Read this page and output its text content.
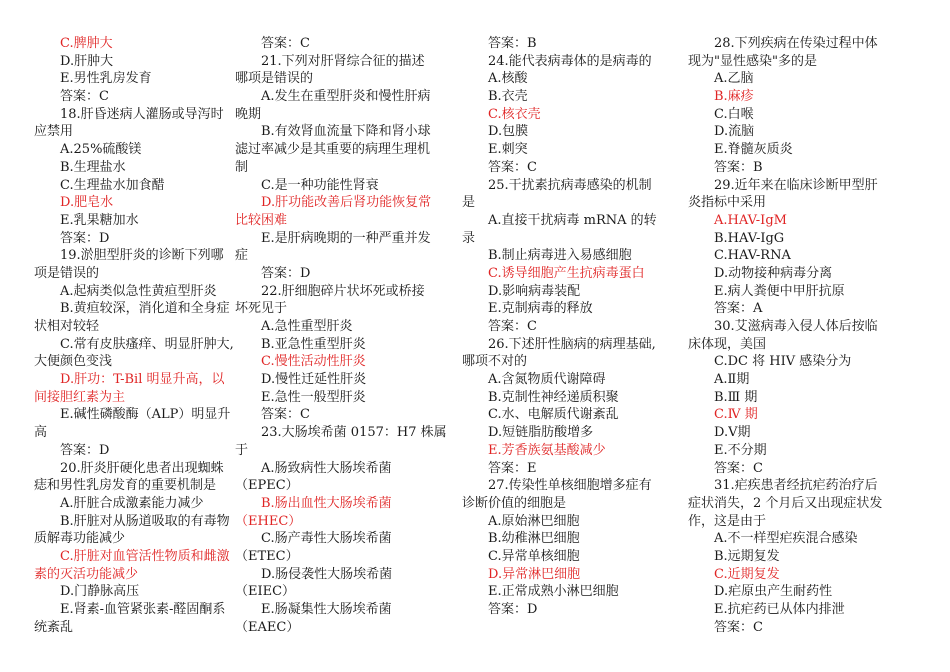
C.脾肿大
D.肝肿大
E.男性乳房发育
答案：C
18.肝昏迷病人灌肠或导泻时
应禁用
A.25%硫酸镁
B.生理盐水
C.生理盐水加食醋
D.肥皂水
E.乳果糖加水
答案：D
19.淤胆型肝炎的诊断下列哪
项是错误的
A.起病类似急性黄疸型肝炎
B.黄疸较深，消化道和全身症
状相对较轻
C.常有皮肤瘙痒、明显肝肿大,
大便颜色变浅
D.肝功：T-Bil 明显升高，以
间接胆红素为主
E.碱性磷酸酶（ALP）明显升
高
答案：D
20.肝炎肝硬化患者出现蜘蛛
痣和男性乳房发育的重要机制是
A.肝脏合成激素能力减少
B.肝脏对从肠道吸取的有毒物
质解毒功能减少
C.肝脏对血管活性物质和雌激
素的灭活功能减少
D.门静脉高压
E.肾素-血管紧张素-醛固酮系
统紊乱
答案：C
21.下列对肝肾综合征的描述
哪项是错误的
A.发生在重型肝炎和慢性肝病
晚期
B.有效肾血流量下降和肾小球
滤过率减少是其重要的病理生理机
制
C.是一种功能性肾衰
D.肝功能改善后肾功能恢复常
比较困难
E.是肝病晚期的一种严重并发
症
答案：D
22.肝细胞碎片状坏死或桥接
坏死见于
A.急性重型肝炎
B.亚急性重型肝炎
C.慢性活动性肝炎
D.慢性迁延性肝炎
E.急性一般型肝炎
答案：C
23.大肠埃希菌 0157：H7 株属
于
A.肠致病性大肠埃希菌
（EPEC）
B.肠出血性大肠埃希菌
（EHEC）
C.肠产毒性大肠埃希菌
（ETEC）
D.肠侵袭性大肠埃希菌
（EIEC）
E.肠凝集性大肠埃希菌
（EAEC）
答案：B
24.能代表病毒体的是病毒的
A.核酸
B.衣壳
C.核衣壳
D.包膜
E.刺突
答案：C
25.干扰素抗病毒感染的机制
是
A.直接干扰病毒 mRNA 的转
录
B.制止病毒进入易感细胞
C.诱导细胞产生抗病毒蛋白
D.影响病毒装配
E.克制病毒的释放
答案：C
26.下述肝性脑病的病理基础,
哪项不对的
A.含氮物质代谢障碍
B.克制性神经递质积聚
C.水、电解质代谢紊乱
D.短链脂肪酸增多
E.芳香族氨基酸减少
答案：E
27.传染性单核细胞增多症有
诊断价值的细胞是
A.原始淋巴细胞
B.幼稚淋巴细胞
C.异常单核细胞
D.异常淋巴细胞
E.正常成熟小淋巴细胞
答案：D
28.下列疾病在传染过程中体
现为"显性感染"多的是
A.乙脑
B.麻疹
C.白喉
D.流脑
E.脊髓灰质炎
答案：B
29.近年来在临床诊断甲型肝
炎指标中采用
A.HAV-IgM
B.HAV-IgG
C.HAV-RNA
D.动物接种病毒分离
E.病人粪便中甲肝抗原
答案：A
30.艾滋病毒入侵人体后按临
床体现，美国
C.DC 将 HIV 感染分为
A.Ⅱ期
B.Ⅲ 期
C.Ⅳ 期
D.Ⅴ期
E.不分期
答案：C
31.疟疾患者经抗疟药治疗后
症状消失，2 个月后又出现症状发
作，这是由于
A.不一样型疟疾混合感染
B.远期复发
C.近期复发
D.疟原虫产生耐药性
E.抗疟药已从体内排泄
答案：C
